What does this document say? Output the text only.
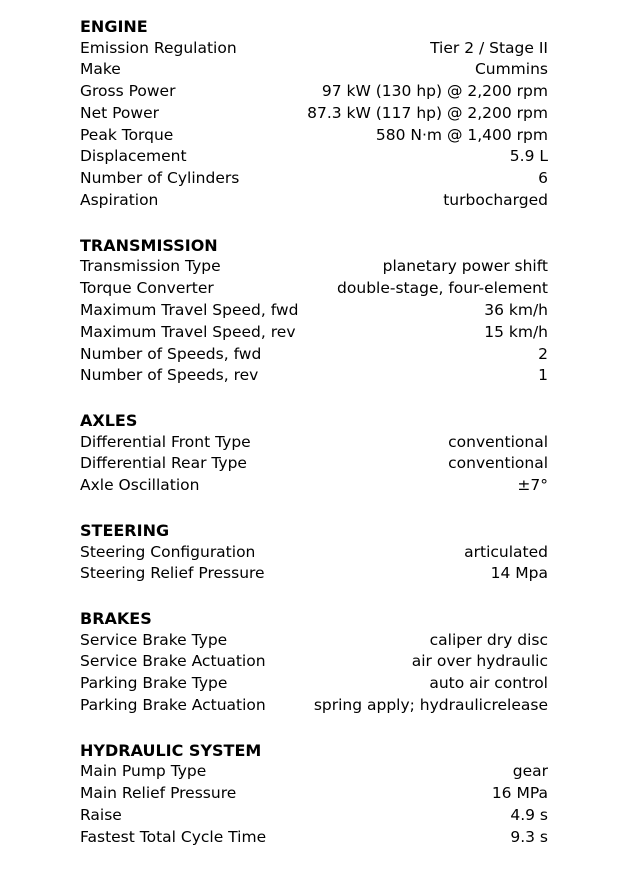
ENGINE
Emission Regulation	Tier 2 / Stage II
Make	Cummins
Gross Power	97 kW (130 hp) @ 2,200 rpm
Net Power	87.3 kW (117 hp) @ 2,200 rpm
Peak Torque	580 N·m @ 1,400 rpm
Displacement	5.9 L
Number of Cylinders	6
Aspiration	turbocharged
TRANSMISSION
Transmission Type	planetary power shift
Torque Converter	double-stage, four-element
Maximum Travel Speed, fwd	36 km/h
Maximum Travel Speed, rev	15 km/h
Number of Speeds, fwd	2
Number of Speeds, rev	1
AXLES
Differential Front Type	conventional
Differential Rear Type	conventional
Axle Oscillation	±7°
STEERING
Steering Configuration	articulated
Steering Relief Pressure	14 Mpa
BRAKES
Service Brake Type	caliper dry disc
Service Brake Actuation	air over hydraulic
Parking Brake Type	auto air control
Parking Brake Actuation	spring apply; hydraulicrelease
HYDRAULIC SYSTEM
Main Pump Type	gear
Main Relief Pressure	16 MPa
Raise	4.9 s
Fastest Total Cycle Time	9.3 s
